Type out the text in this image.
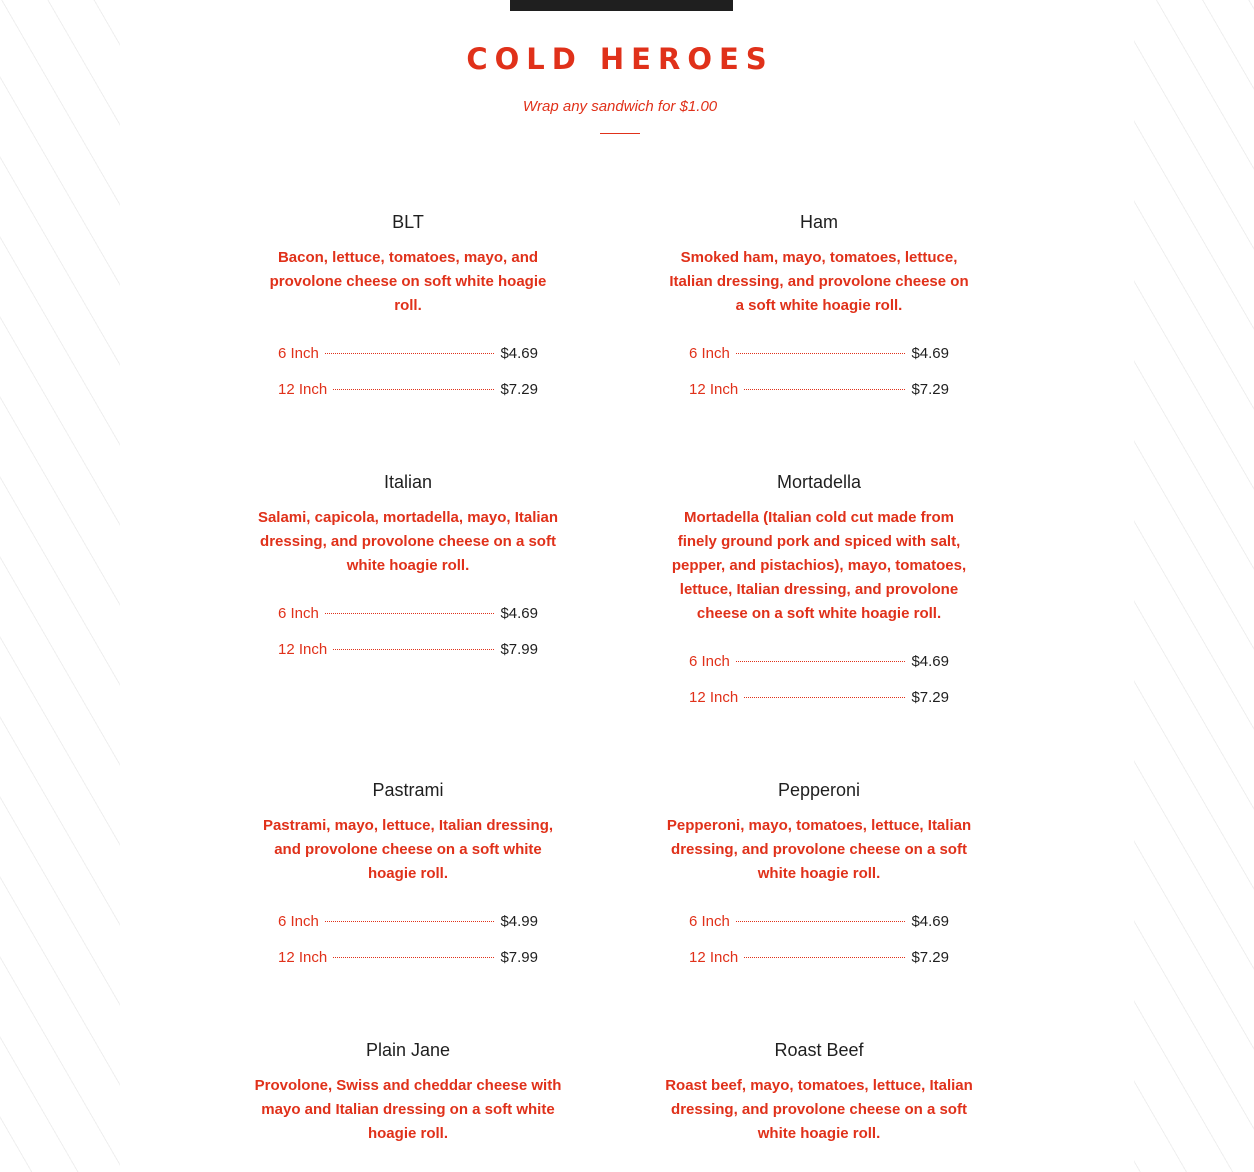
COLD HEROES
Wrap any sandwich for $1.00
BLT
Bacon, lettuce, tomatoes, mayo, and provolone cheese on soft white hoagie roll.
6 Inch	$4.69
12 Inch	$7.29
Ham
Smoked ham, mayo, tomatoes, lettuce, Italian dressing, and provolone cheese on a soft white hoagie roll.
6 Inch	$4.69
12 Inch	$7.29
Italian
Salami, capicola, mortadella, mayo, Italian dressing, and provolone cheese on a soft white hoagie roll.
6 Inch	$4.69
12 Inch	$7.99
Mortadella
Mortadella (Italian cold cut made from finely ground pork and spiced with salt, pepper, and pistachios), mayo, tomatoes, lettuce, Italian dressing, and provolone cheese on a soft white hoagie roll.
6 Inch	$4.69
12 Inch	$7.29
Pastrami
Pastrami, mayo, lettuce, Italian dressing, and provolone cheese on a soft white hoagie roll.
6 Inch	$4.99
12 Inch	$7.99
Pepperoni
Pepperoni, mayo, tomatoes, lettuce, Italian dressing, and provolone cheese on a soft white hoagie roll.
6 Inch	$4.69
12 Inch	$7.29
Plain Jane
Provolone, Swiss and cheddar cheese with mayo and Italian dressing on a soft white hoagie roll.
Roast Beef
Roast beef, mayo, tomatoes, lettuce, Italian dressing, and provolone cheese on a soft white hoagie roll.
